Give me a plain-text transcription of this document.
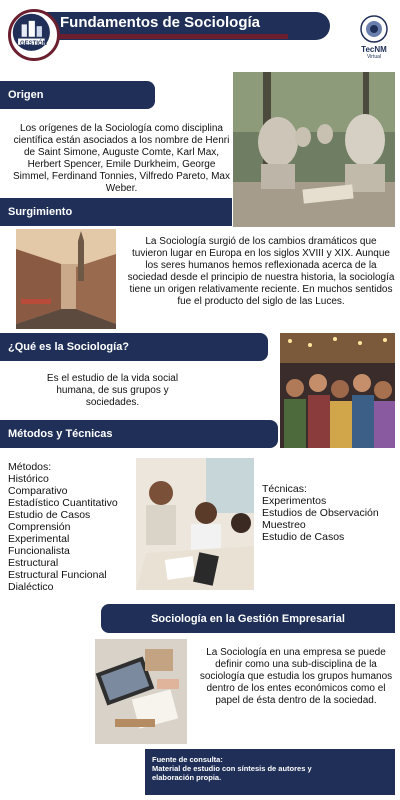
Fundamentos de Sociología
GESTIÓN
TecNM
Virtual
Origen
Los orígenes de la Sociología como disciplina científica están asociados a los nombre de Henri de Saint Simone, Auguste Comte, Karl Max, Herbert Spencer, Emile Durkheim, George Simmel, Ferdinand Tonnies, Vilfredo Pareto, Max Weber.
Surgimiento
La Sociología surgió de los cambios dramáticos que tuvieron lugar en Europa en los siglos XVIII y XIX. Aunque los seres humanos hemos reflexionada acerca de la sociedad desde el principio de nuestra historia, la sociología tiene un origen relativamente reciente. En muchos sentidos fue el producto del siglo de las Luces.
¿Qué es la Sociología?
Es el estudio de la vida social humana, de sus grupos y sociedades.
Métodos y Técnicas
Métodos:
Histórico
Comparativo
Estadístico Cuantitativo
Estudio de Casos
Comprensión
Experimental
Funcionalista
Estructural
Estructural Funcional
Dialéctico
Técnicas:
Experimentos
Estudios de Observación
Muestreo
Estudio de Casos
Sociología en la Gestión Empresarial
La Sociología en una empresa se puede definir como una sub-disciplina de la sociología que estudia los grupos humanos dentro de los entes económicos como el papel de ésta dentro de la sociedad.
Fuente de consulta:
Material de estudio con síntesis de autores y elaboración propia.
